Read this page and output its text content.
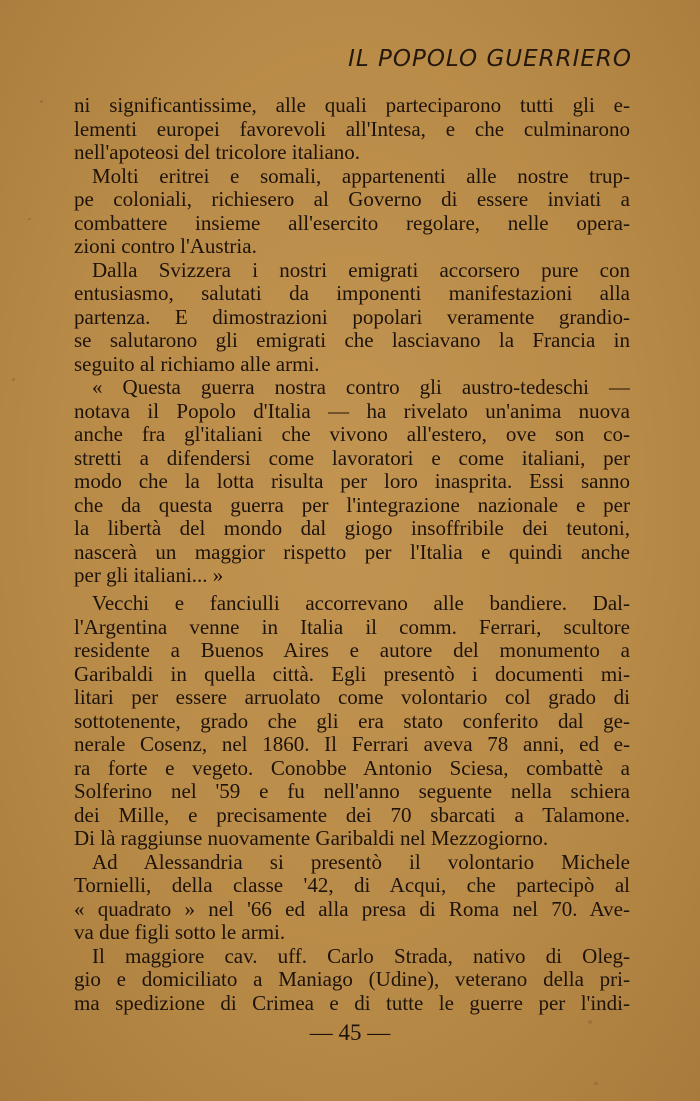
IL POPOLO GUERRIERO
ni significantissime, alle quali parteciparono tutti gli e-
lementi europei favorevoli all'Intesa, e che culminarono
nell'apoteosi del tricolore italiano.
Molti eritrei e somali, appartenenti alle nostre trup-
pe coloniali, richiesero al Governo di essere inviati a
combattere insieme all'esercito regolare, nelle opera-
zioni contro l'Austria.
Dalla Svizzera i nostri emigrati accorsero pure con
entusiasmo, salutati da imponenti manifestazioni alla
partenza. E dimostrazioni popolari veramente grandio-
se salutarono gli emigrati che lasciavano la Francia in
seguito al richiamo alle armi.
« Questa guerra nostra contro gli austro-tedeschi —
notava il Popolo d'Italia — ha rivelato un'anima nuova
anche fra gl'italiani che vivono all'estero, ove son co-
stretti a difendersi come lavoratori e come italiani, per
modo che la lotta risulta per loro inasprita. Essi sanno
che da questa guerra per l'integrazione nazionale e per
la libertà del mondo dal giogo insoffribile dei teutoni,
nascerà un maggior rispetto per l'Italia e quindi anche
per gli italiani... »
Vecchi e fanciulli accorrevano alle bandiere. Dal-
l'Argentina venne in Italia il comm. Ferrari, scultore
residente a Buenos Aires e autore del monumento a
Garibaldi in quella città. Egli presentò i documenti mi-
litari per essere arruolato come volontario col grado di
sottotenente, grado che gli era stato conferito dal ge-
nerale Cosenz, nel 1860. Il Ferrari aveva 78 anni, ed e-
ra forte e vegeto. Conobbe Antonio Sciesa, combattè a
Solferino nel '59 e fu nell'anno seguente nella schiera
dei Mille, e precisamente dei 70 sbarcati a Talamone.
Di là raggiunse nuovamente Garibaldi nel Mezzogiorno.
Ad Alessandria si presentò il volontario Michele
Tornielli, della classe '42, di Acqui, che partecipò al
« quadrato » nel '66 ed alla presa di Roma nel 70. Ave-
va due figli sotto le armi.
Il maggiore cav. uff. Carlo Strada, nativo di Oleg-
gio e domiciliato a Maniago (Udine), veterano della pri-
ma spedizione di Crimea e di tutte le guerre per l'indi-
— 45 —
